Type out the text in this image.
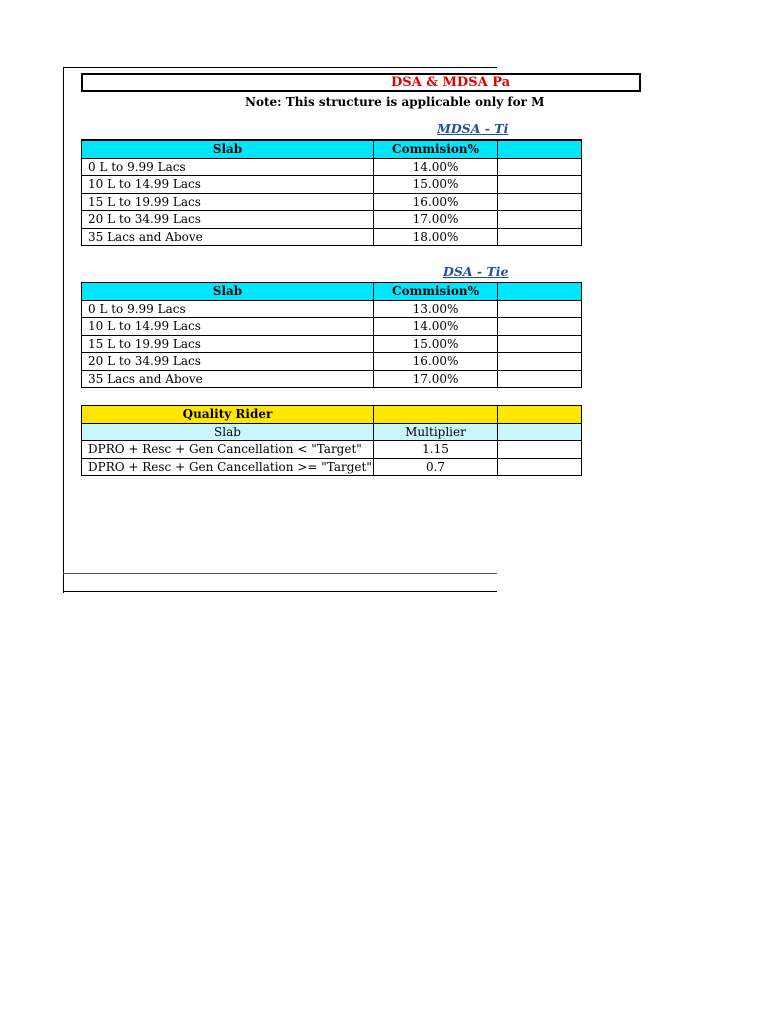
DSA & MDSA Pa
Note: This structure is applicable only for M
MDSA - Ti
Slab	Commision%	
0 L to 9.99 Lacs	14.00%	
10 L to 14.99 Lacs	15.00%	
15 L to 19.99 Lacs	16.00%	
20 L to 34.99 Lacs	17.00%	
35 Lacs and Above	18.00%	
DSA - Tie
Slab	Commision%	
0 L to 9.99 Lacs	13.00%	
10 L to 14.99 Lacs	14.00%	
15 L to 19.99 Lacs	15.00%	
20 L to 34.99 Lacs	16.00%	
35 Lacs and Above	17.00%	
Quality Rider		
Slab	Multiplier	
DPRO + Resc + Gen Cancellation < "Target"	1.15	
DPRO + Resc + Gen Cancellation >= "Target"	0.7	
